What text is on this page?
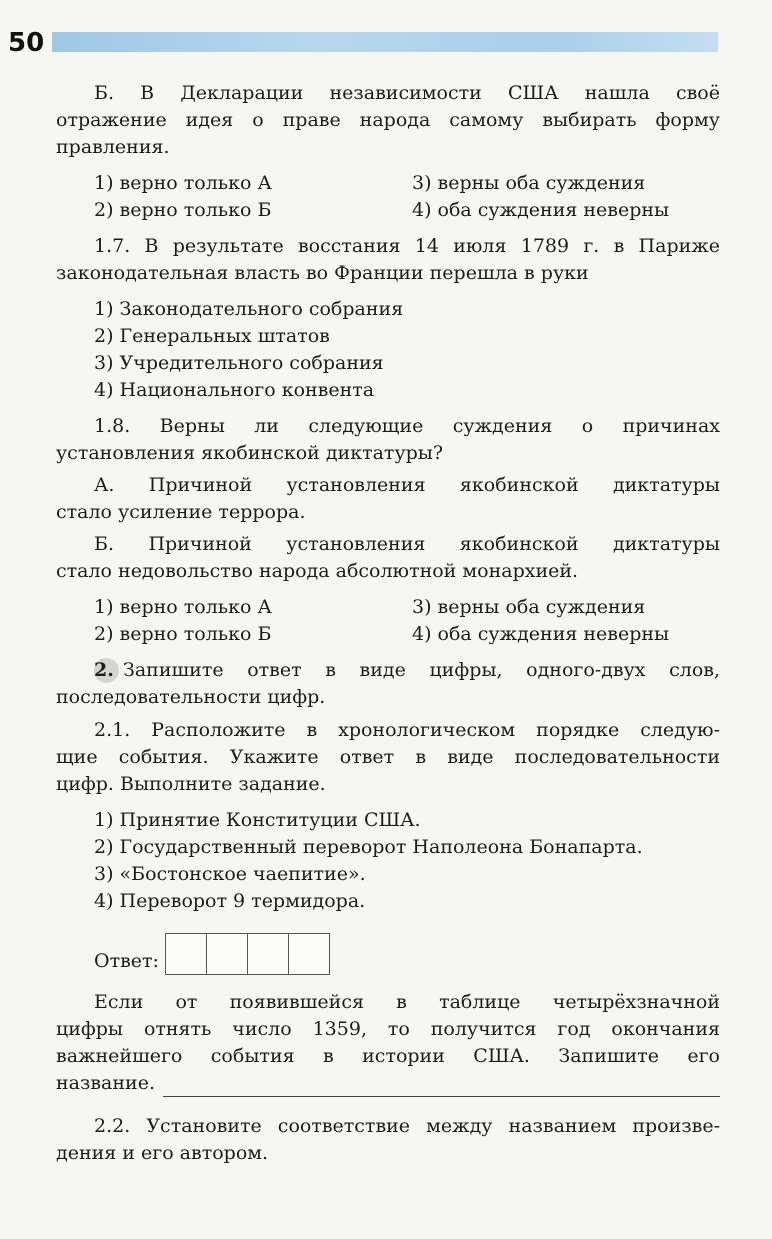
50

Б. В Декларации независимости США нашла своё

отражение идея о праве народа самому выбирать форму

правления.

1) верно только А	3) верны оба суждения
2) верно только Б	4) оба суждения неверны

1.7. В результате восстания 14 июля 1789 г. в Париже

законодательная власть во Франции перешла в руки

1) Законодательного собрания

2) Генеральных штатов

3) Учредительного собрания

4) Национального конвента

1.8. Верны ли следующие суждения о причинах

установления якобинской диктатуры?

А. Причиной установления якобинской диктатуры

стало усиление террора.

Б. Причиной установления якобинской диктатуры

стало недовольство народа абсолютной монархией.

1) верно только А	3) верны оба суждения
2) верно только Б	4) оба суждения неверны

2. Запишите ответ в виде цифры, одного-двух слов,

последовательности цифр.

2.1. Расположите в хронологическом порядке следую-

щие события. Укажите ответ в виде последовательности

цифр. Выполните задание.

1) Принятие Конституции США.

2) Государственный переворот Наполеона Бонапарта.

3) «Бостонское чаепитие».

4) Переворот 9 термидора.

Ответ:

Если от появившейся в таблице четырёхзначной

цифры отнять число 1359, то получится год окончания

важнейшего события в истории США. Запишите его

название.

2.2. Установите соответствие между названием произве-

дения и его автором.
